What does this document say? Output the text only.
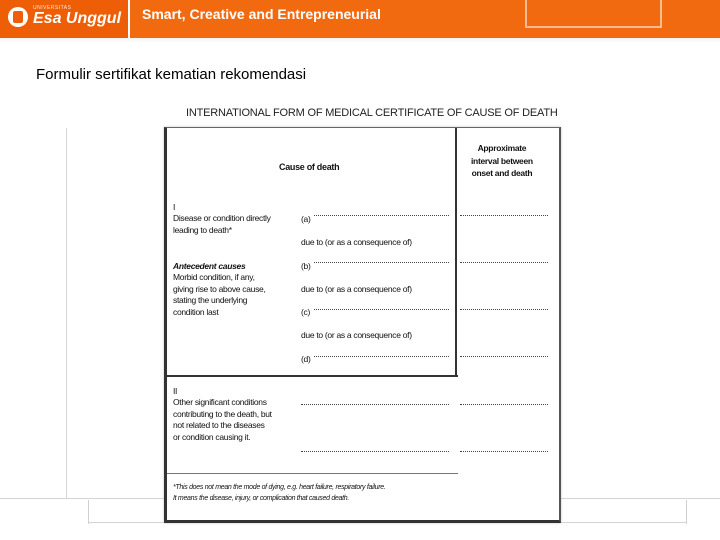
UNIVERSITAS
Esa Unggul Smart, Creative and Entrepreneurial
Formulir sertifikat kematian rekomendasi
INTERNATIONAL FORM OF MEDICAL CERTIFICATE OF CAUSE OF DEATH
Cause of death
Approximate
interval between
onset and death
I
Disease or condition directly
leading to death*
Antecedent causes
Morbid condition, if any,
giving rise to above cause,
stating the underlying
condition last
(a)
due to (or as a consequence of)
(b)
due to (or as a consequence of)
(c)
due to (or as a consequence of)
(d)
II
Other significant conditions
contributing to the death, but
not related to the diseases
or condition causing it.
*This does not mean the mode of dying, e.g. heart failure, respiratory failure.
It means the disease, injury, or complication that caused death.
